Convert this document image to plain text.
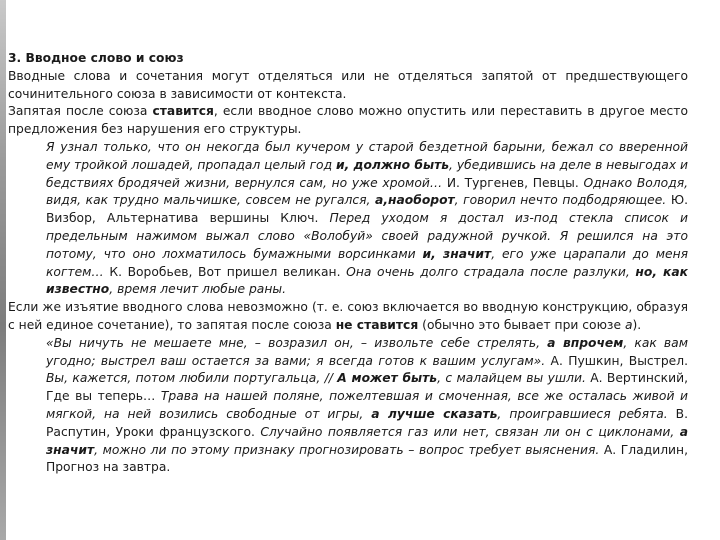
3. Вводное слово и союз

Вводные слова и сочетания могут отделяться или не отделяться запятой от предшествующего сочинительного союза в зависимости от контекста.

Запятая после союза ставится, если вводное слово можно опустить или переставить в другое место предложения без нарушения его структуры.

Я узнал только, что он некогда был кучером у старой бездетной барыни, бежал со вверенной ему тройкой лошадей, пропадал целый год и, должно быть, убедившись на деле в невыгодах и бедствиях бродячей жизни, вернулся сам, но уже хромой… И. Тургенев, Певцы. Однако Володя, видя, как трудно мальчишке, совсем не ругался, а,наоборот, говорил нечто подбодряющее. Ю. Визбор, Альтернатива вершины Ключ. Перед уходом я достал из-под стекла список и предельным нажимом выжал слово «Волобуй» своей радужной ручкой. Я решился на это потому, что оно лохматилось бумажными ворсинками и, значит, его уже царапали до меня когтем… К. Воробьев, Вот пришел великан. Она очень долго страдала после разлуки, но, как известно, время лечит любые раны.

Если же изъятие вводного слова невозможно (т. е. союз включается во вводную конструкцию, образуя с ней единое сочетание), то запятая после союза не ставится (обычно это бывает при союзе а).

«Вы ничуть не мешаете мне, – возразил он, – извольте себе стрелять, а впрочем, как вам угодно; выстрел ваш остается за вами; я всегда готов к вашим услугам». А. Пушкин, Выстрел. Вы, кажется, потом любили португальца, // А может быть, с малайцем вы ушли. А. Вертинский, Где вы теперь… Трава на нашей поляне, пожелтевшая и смоченная, все же осталась живой и мягкой, на ней возились свободные от игры, а лучше сказать, проигравшиеся ребята. В. Распутин, Уроки французского. Случайно появляется газ или нет, связан ли он с циклонами, а значит, можно ли по этому признаку прогнозировать – вопрос требует выяснения. А. Гладилин, Прогноз на завтра.
